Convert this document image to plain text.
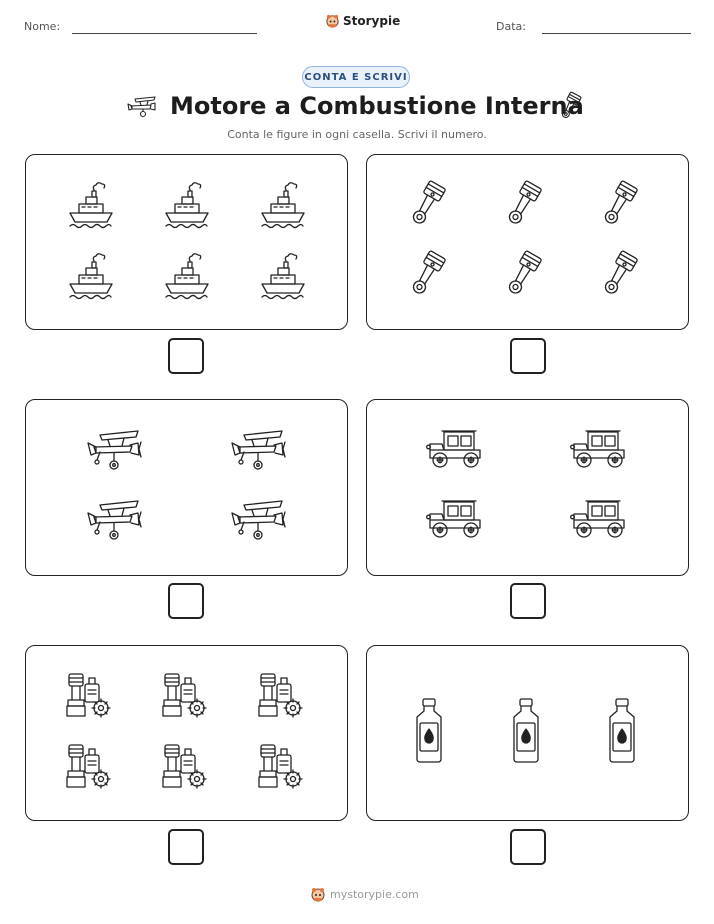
Nome:	Storypie	Data:
CONTA E SCRIVI
Motore a Combustione Interna
Conta le figure in ogni casella. Scrivi il numero.
mystorypie.com
